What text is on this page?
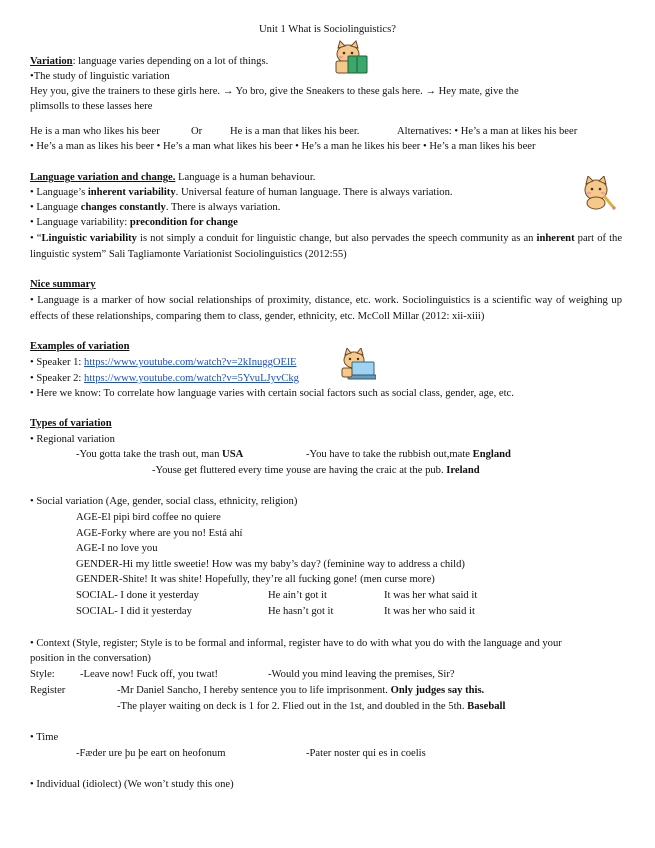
Unit 1 What is Sociolinguistics?
Variation: language varies depending on a lot of things.
•The study of linguistic variation
Hey you, give the trainers to these girls here. → Yo bro, give the Sneakers to these gals here. → Hey mate, give the
plimsolls to these lasses here
He is a man who likes his beer	Or	He is a man that likes his beer.	Alternatives: • He’s a man at likes his beer
• He’s a man as likes his beer • He’s a man what likes his beer • He’s a man he likes his beer • He’s a man likes his beer
Language variation and change. Language is a human behaviour.
• Language’s inherent variability. Universal feature of human language. There is always variation.
• Language changes constantly. There is always variation.
• Language variability: precondition for change
• “Linguistic variability is not simply a conduit for linguistic change, but also pervades the speech community as an inherent part of the linguistic system” Sali Tagliamonte Variationist Sociolinguistics (2012:55)
Nice summary
• Language is a marker of how social relationships of proximity, distance, etc. work. Sociolinguistics is a scientific way of weighing up effects of these relationships, comparing them to class, gender, ethnicity, etc. McColl Millar (2012: xii-xiii)
Examples of variation
• Speaker 1: https://www.youtube.com/watch?v=2kInuggOElE
• Speaker 2: https://www.youtube.com/watch?v=5YvuLJyvCkg
• Here we know: To correlate how language varies with certain social factors such as social class, gender, age, etc.
Types of variation
• Regional variation
-You gotta take the trash out, man USA	-You have to take the rubbish out,mate England
-Youse get fluttered every time youse are having the craic at the pub. Ireland
• Social variation (Age, gender, social class, ethnicity, religion)
AGE-El pipi bird coffee no quiere
AGE-Forky where are you no! Está ahí
AGE-I no love you
GENDER-Hi my little sweetie! How was my baby’s day? (feminine way to address a child)
GENDER-Shite! It was shite! Hopefully, they’re all fucking gone! (men curse more)
SOCIAL- I done it yesterday	He ain’t got it	It was her what said it
SOCIAL- I did it yesterday	He hasn’t got it	It was her who said it
• Context (Style, register; Style is to be formal and informal, register have to do with what you do with the language and your
position in the conversation)
Style: -Leave now! Fuck off, you twat!	-Would you mind leaving the premises, Sir?
Register	-Mr Daniel Sancho, I hereby sentence you to life imprisonment. Only judges say this.
-The player waiting on deck is 1 for 2. Flied out in the 1st, and doubled in the 5th. Baseball
• Time
-Fæder ure þu þe eart on heofonum	-Pater noster qui es in coelis
• Individual (idiolect) (We won’t study this one)
